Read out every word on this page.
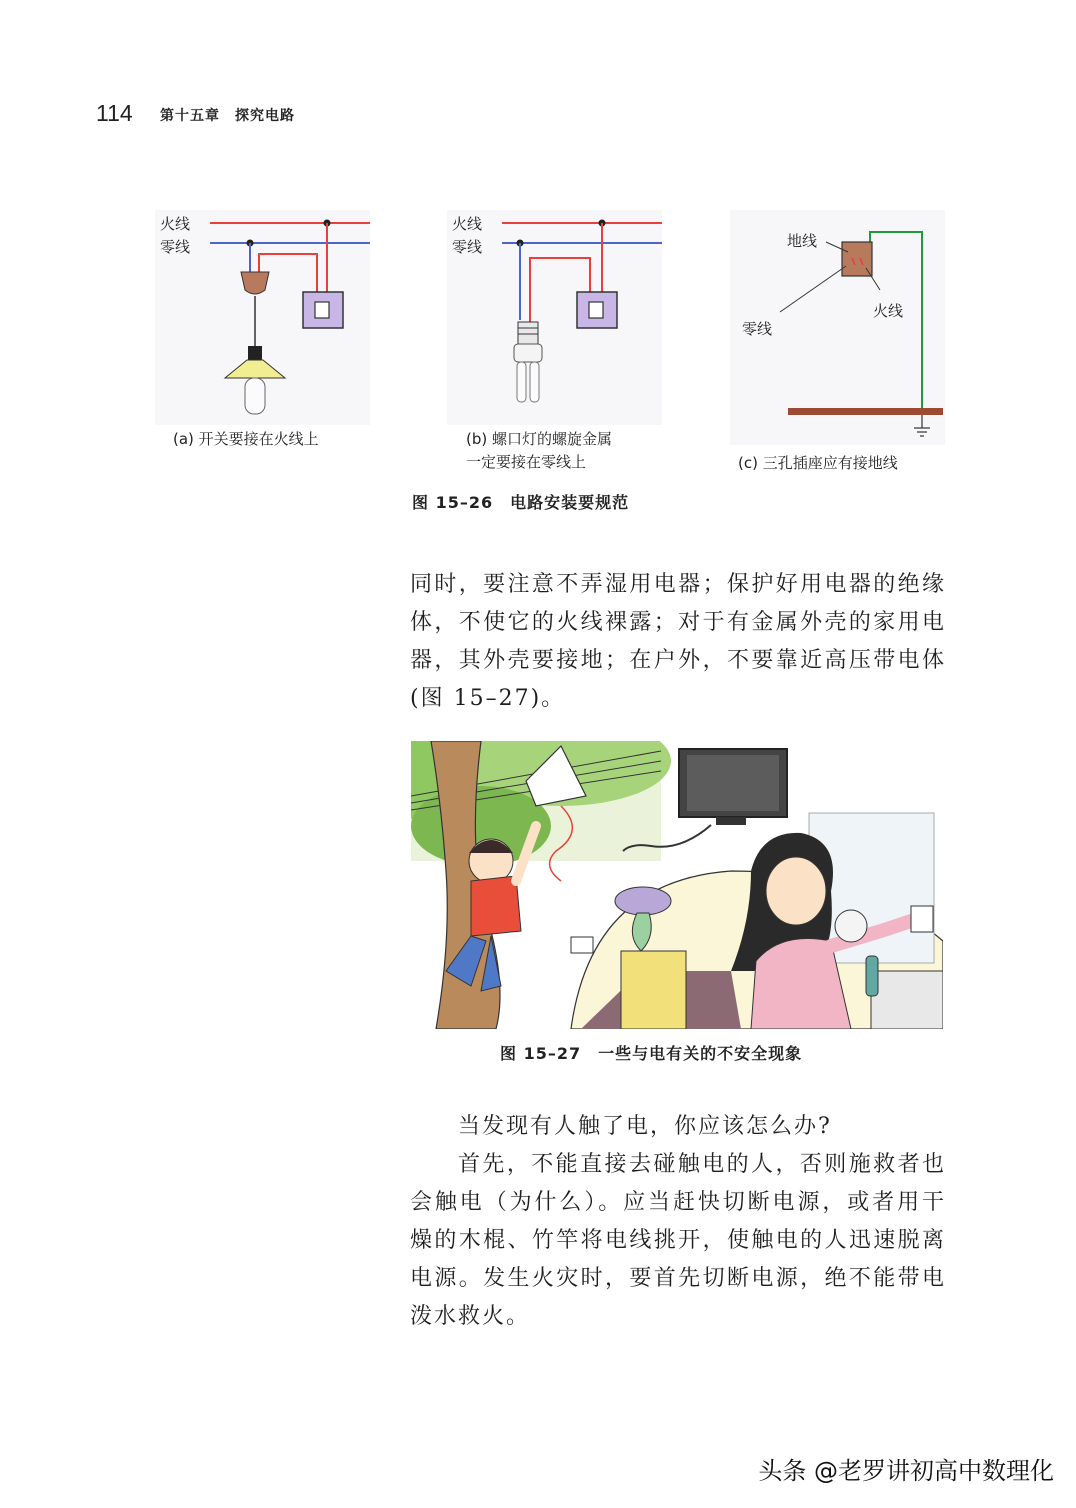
114 第十五章　探究电路
火线
零线
(a) 开关要接在火线上
火线
零线
(b) 螺口灯的螺旋金属
一定要接在零线上
地线
火线
零线
(c) 三孔插座应有接地线
图 15–26　电路安装要规范
同时，要注意不弄湿用电器；保护好用电器的绝缘体，不使它的火线裸露；对于有金属外壳的家用电器，其外壳要接地；在户外，不要靠近高压带电体(图 15–27)。
图 15–27　一些与电有关的不安全现象
当发现有人触了电，你应该怎么办?
首先，不能直接去碰触电的人，否则施救者也会触电（为什么）。应当赶快切断电源，或者用干燥的木棍、竹竿将电线挑开，使触电的人迅速脱离电源。发生火灾时，要首先切断电源，绝不能带电泼水救火。
头条 @老罗讲初高中数理化
